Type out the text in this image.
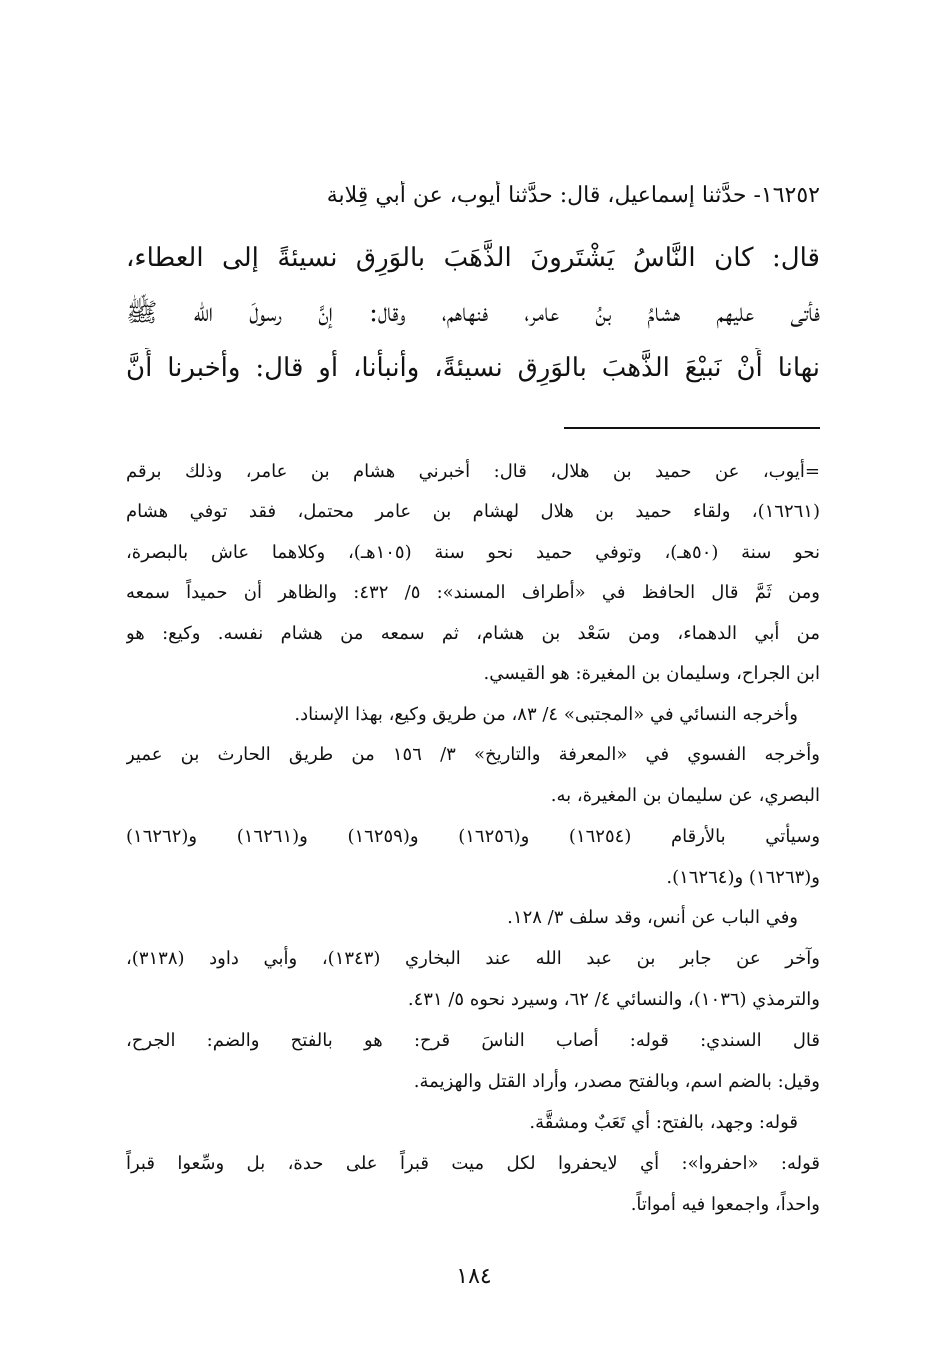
١٦٢٥٢- حدَّثنا إسماعيل، قال: حدَّثنا أيوب، عن أبي قِلابة
قال: كان النَّاسُ يَشْتَرونَ الذَّهَبَ بالوَرِق نسيئةً إلى العطاء،
فأتى عليهم هشامُ بنُ عامر، فنهاهم، وقال: إنَّ رسولَ الله ﷺ
نهانا أَنْ نَبيْعَ الذَّهبَ بالوَرِق نسيئةً، وأنبأنا، أو قال: وأخبرنا أَنَّ
=أيوب، عن حميد بن هلال، قال: أخبرني هشام بن عامر، وذلك برقم
(١٦٢٦١)، ولقاء حميد بن هلال لهشام بن عامر محتمل، فقد توفي هشام
نحو سنة (٥٠هـ)، وتوفي حميد نحو سنة (١٠٥هـ)، وكلاهما عاش بالبصرة،
ومن ثَمَّ قال الحافظ في «أطراف المسند»: ٥/ ٤٣٢: والظاهر أن حميداً سمعه
من أبي الدهماء، ومن سَعْد بن هشام، ثم سمعه من هشام نفسه. وكيع: هو
ابن الجراح، وسليمان بن المغيرة: هو القيسي.
وأخرجه النسائي في «المجتبى» ٤/ ٨٣، من طريق وكيع، بهذا الإسناد.
وأخرجه الفسوي في «المعرفة والتاريخ» ٣/ ١٥٦ من طريق الحارث بن عمير
البصري، عن سليمان بن المغيرة، به.
وسيأتي بالأرقام (١٦٢٥٤) و(١٦٢٥٦) و(١٦٢٥٩) و(١٦٢٦١) و(١٦٢٦٢)
و(١٦٢٦٣) و(١٦٢٦٤).
وفي الباب عن أنس، وقد سلف ٣/ ١٢٨.
وآخر عن جابر بن عبد الله عند البخاري (١٣٤٣)، وأبي داود (٣١٣٨)،
والترمذي (١٠٣٦)، والنسائي ٤/ ٦٢، وسيرد نحوه ٥/ ٤٣١.
قال السندي: قوله: أصاب الناسَ قرح: هو بالفتح والضم: الجرح،
وقيل: بالضم اسم، وبالفتح مصدر، وأراد القتل والهزيمة.
قوله: وجهد، بالفتح: أي تَعَبٌ ومشقَّة.
قوله: «احفروا»: أي لايحفروا لكل ميت قبراً على حدة، بل وسِّعوا قبراً
واحداً، واجمعوا فيه أمواتاً.
١٨٤
